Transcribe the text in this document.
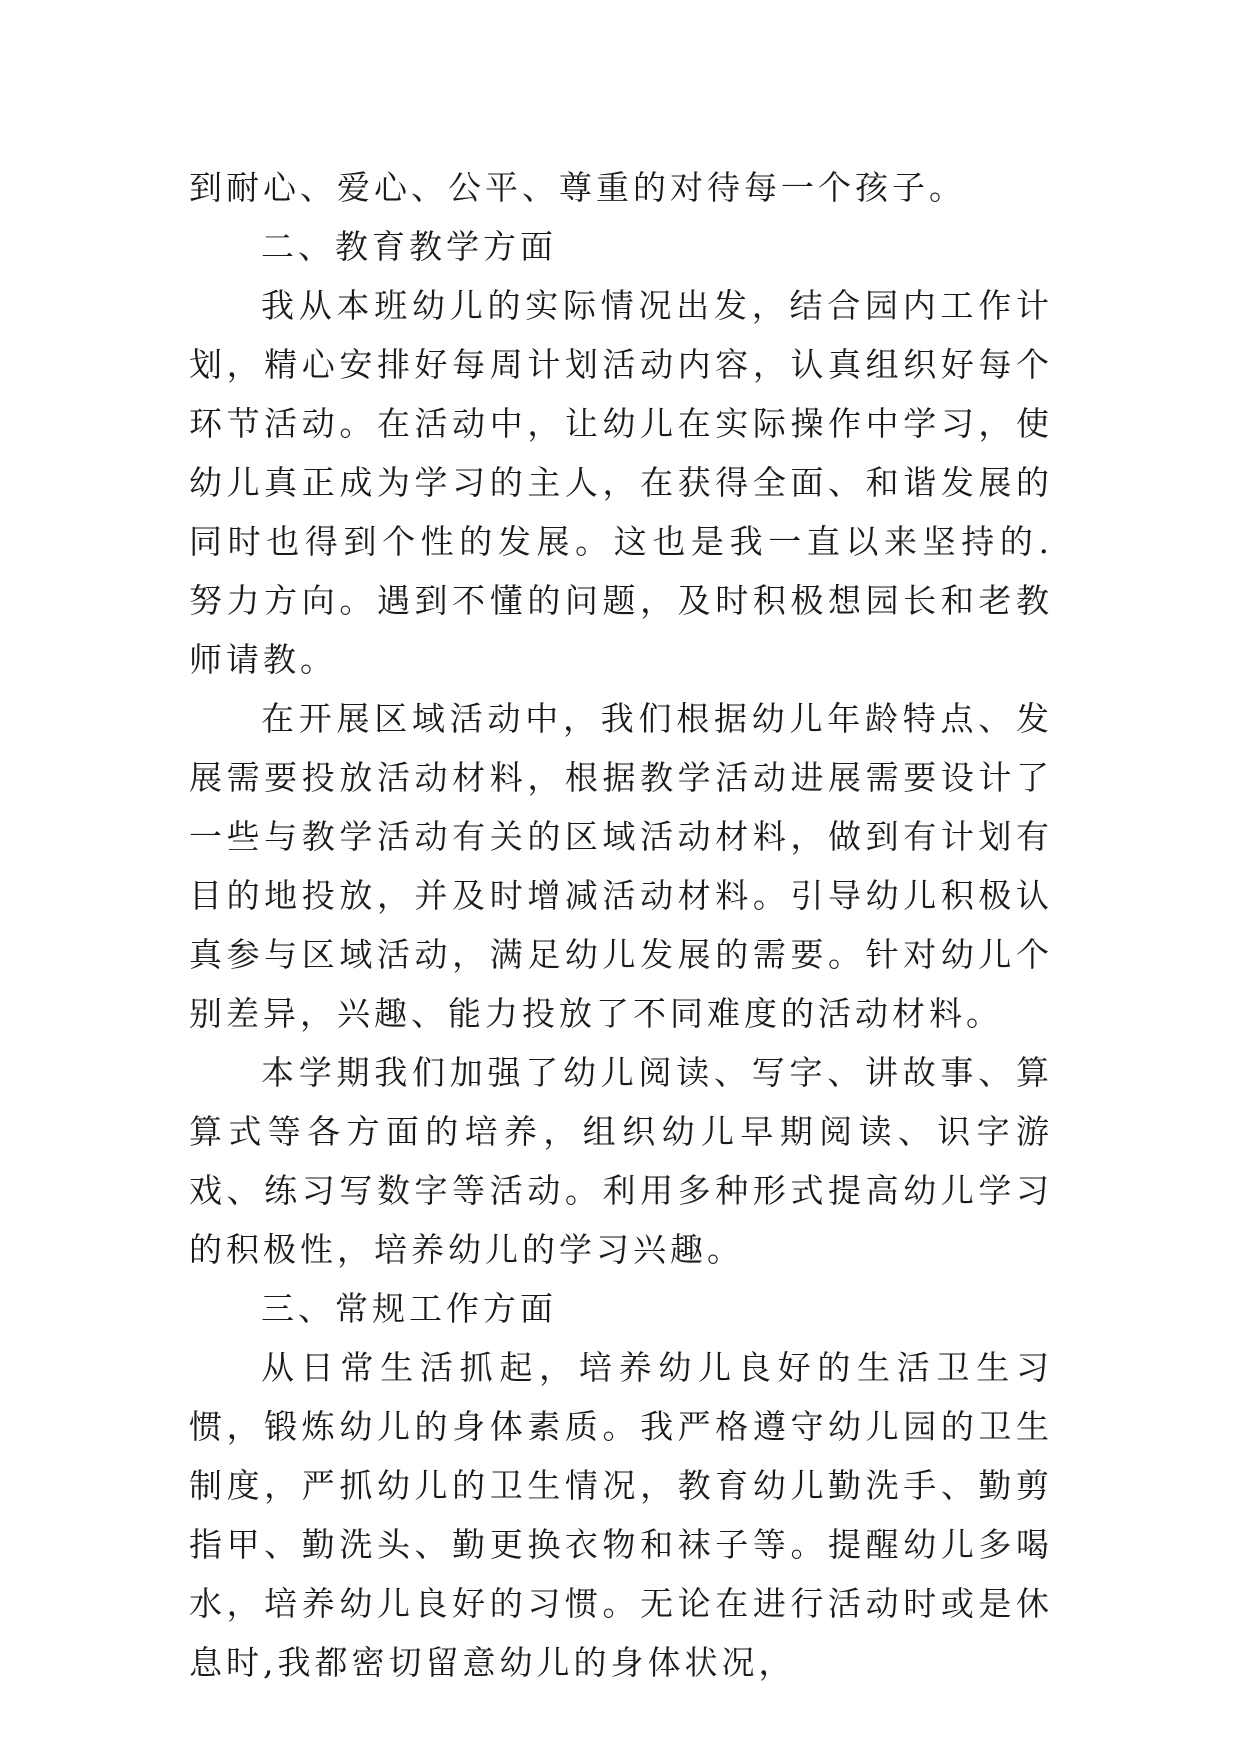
到耐心、爱心、公平、尊重的对待每一个孩子。

二、教育教学方面

我从本班幼儿的实际情况出发，结合园内工作计划，精心安排好每周计划活动内容，认真组织好每个环节活动。在活动中，让幼儿在实际操作中学习，使幼儿真正成为学习的主人，在获得全面、和谐发展的同时也得到个性的发展。这也是我一直以来坚持的.努力方向。遇到不懂的问题，及时积极想园长和老教师请教。

在开展区域活动中，我们根据幼儿年龄特点、发展需要投放活动材料，根据教学活动进展需要设计了一些与教学活动有关的区域活动材料，做到有计划有目的地投放，并及时增减活动材料。引导幼儿积极认真参与区域活动，满足幼儿发展的需要。针对幼儿个别差异，兴趣、能力投放了不同难度的活动材料。

本学期我们加强了幼儿阅读、写字、讲故事、算算式等各方面的培养，组织幼儿早期阅读、识字游戏、练习写数字等活动。利用多种形式提高幼儿学习的积极性，培养幼儿的学习兴趣。

三、常规工作方面

从日常生活抓起，培养幼儿良好的生活卫生习惯，锻炼幼儿的身体素质。我严格遵守幼儿园的卫生制度，严抓幼儿的卫生情况，教育幼儿勤洗手、勤剪指甲、勤洗头、勤更换衣物和袜子等。提醒幼儿多喝水，培养幼儿良好的习惯。无论在进行活动时或是休息时,我都密切留意幼儿的身体状况，
